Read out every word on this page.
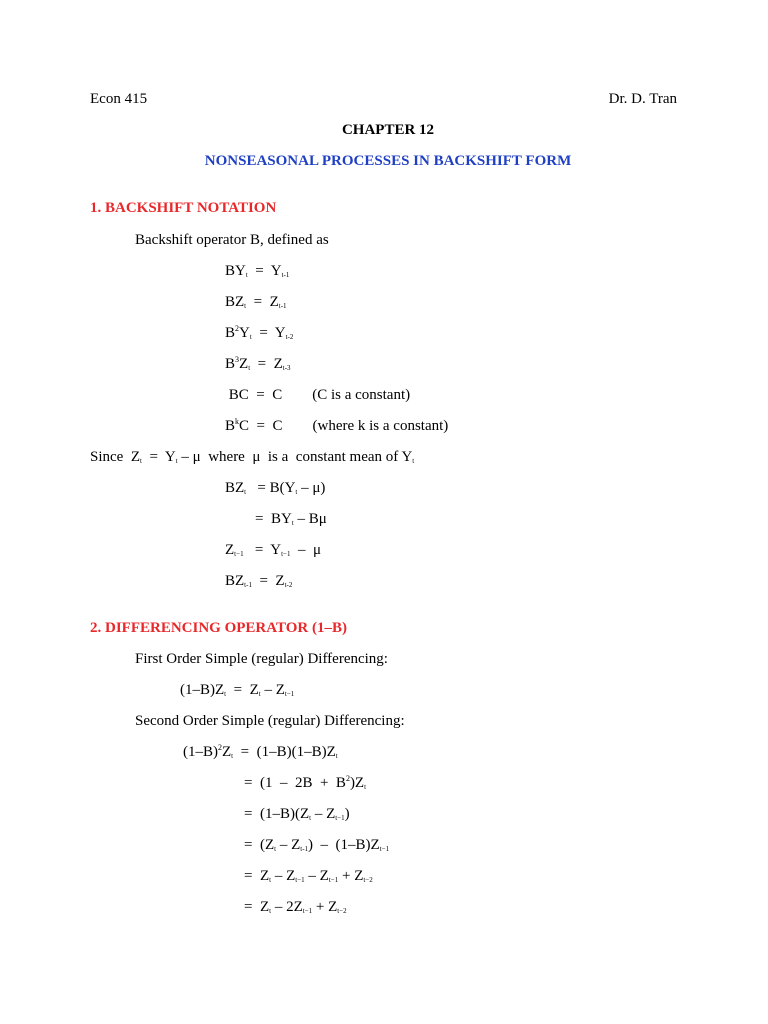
Econ 415	Dr. D. Tran
CHAPTER 12
NONSEASONAL PROCESSES IN BACKSHIFT FORM
1. BACKSHIFT NOTATION
Backshift operator B, defined as
$BY_t = Y_{t-1}$
$BZ_t = Z_{t-1}$
$B^2Y_t = Y_{t-2}$
$B^3Z_t = Z_{t-3}$
BC  =  C        (C is a constant)
$B^kC = C$        (where k is a constant)
Since  $Z_t = Y_t - \mu$  where  μ  is a  constant mean of $Y_t$
$BZ_t = B(Y_t - \mu)$
=  $BY_t$ – Bμ
$Z_{t-1} = Y_{t-1} - \mu$
$BZ_{t-1} = Z_{t-2}$
2. DIFFERENCING OPERATOR (1–B)
First Order Simple (regular) Differencing:
$(1-B)Z_t = Z_t - Z_{t-1}$
Second Order Simple (regular) Differencing:
$(1-B)^2Z_t = (1-B)(1-B)Z_t$
=  $(1 - 2B + B^2)Z_t$
=  $(1-B)(Z_t - Z_{t-1})$
=  $(Z_t - Z_{t-1}) - (1-B)Z_{t-1}$
=  $Z_t - Z_{t-1} - Z_{t-1} + Z_{t-2}$
=  $Z_t - 2Z_{t-1} + Z_{t-2}$
